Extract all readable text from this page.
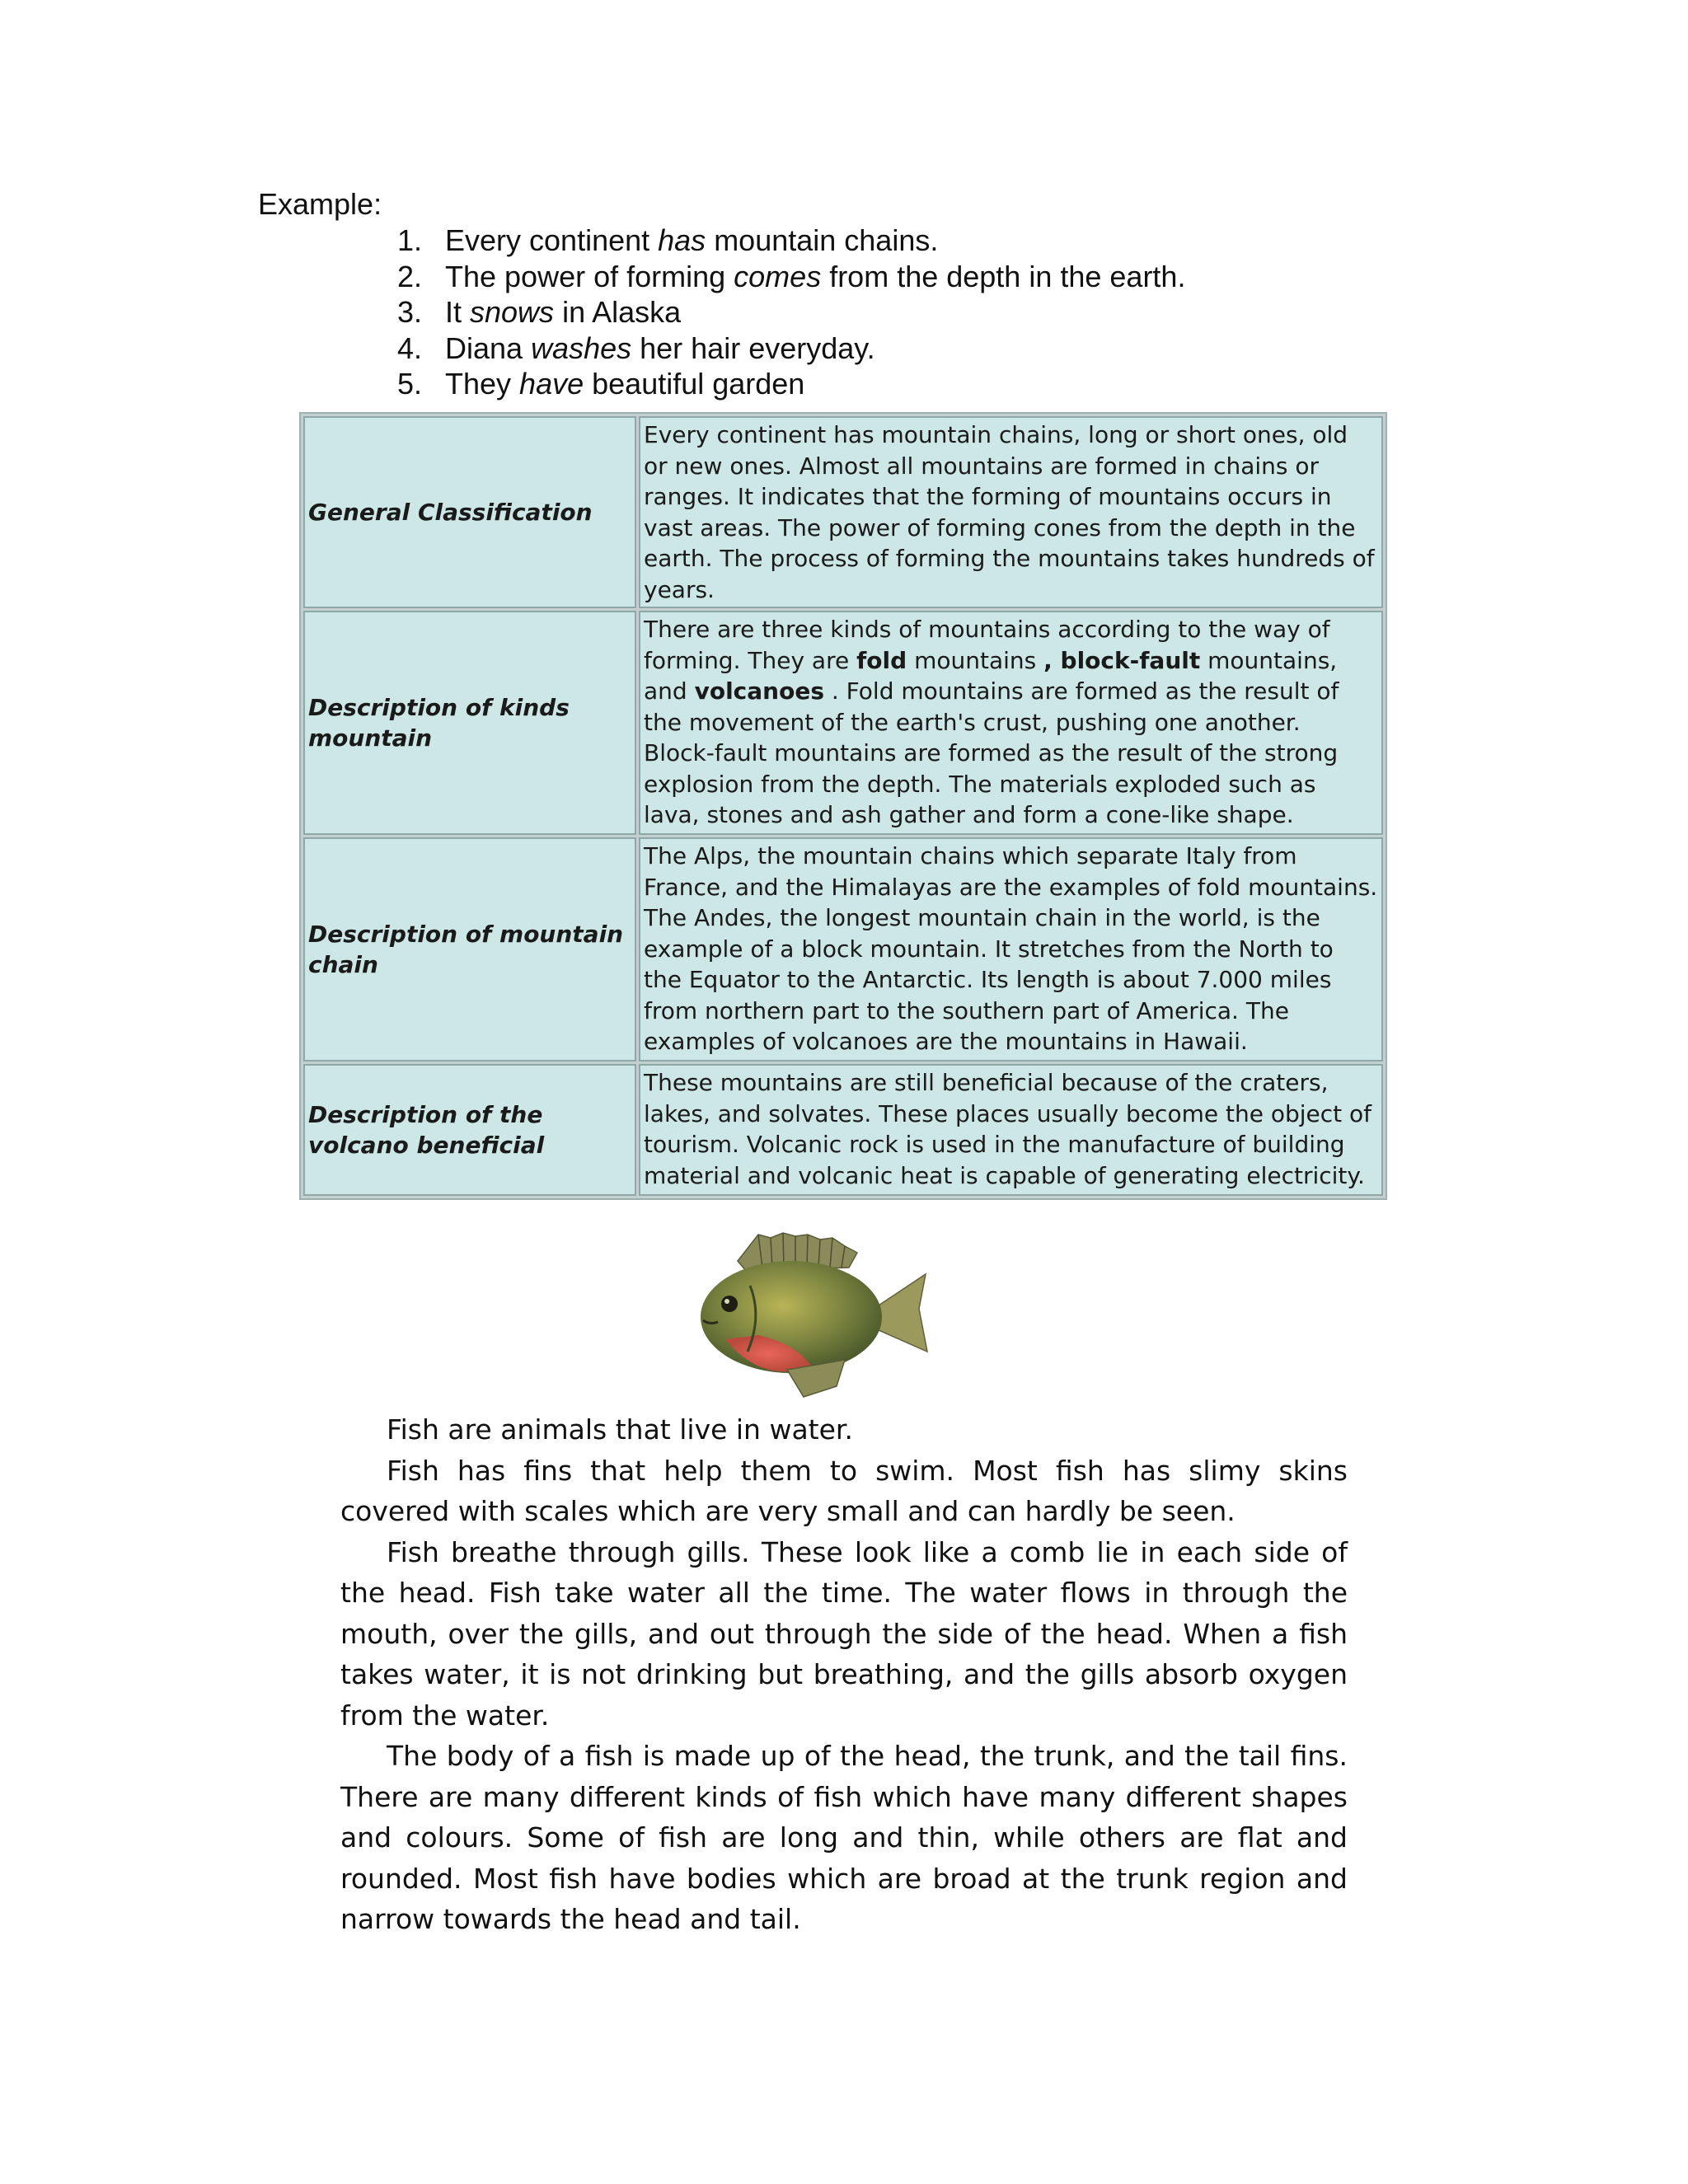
Example:
1. Every continent has mountain chains.
2. The power of forming comes from the depth in the earth.
3. It snows in Alaska
4. Diana washes her hair everyday.
5. They have beautiful garden
General Classification	Every continent has mountain chains, long or short ones, old or new ones. Almost all mountains are formed in chains or ranges. It indicates that the forming of mountains occurs in vast areas. The power of forming cones from the depth in the earth. The process of forming the mountains takes hundreds of years.
Description of kinds mountain	There are three kinds of mountains according to the way of forming. They are fold mountains , block-fault mountains, and volcanoes . Fold mountains are formed as the result of the movement of the earth's crust, pushing one another. Block-fault mountains are formed as the result of the strong explosion from the depth. The materials exploded such as lava, stones and ash gather and form a cone-like shape.
Description of mountain chain	The Alps, the mountain chains which separate Italy from France, and the Himalayas are the examples of fold mountains. The Andes, the longest mountain chain in the world, is the example of a block mountain. It stretches from the North to the Equator to the Antarctic. Its length is about 7.000 miles from northern part to the southern part of America. The examples of volcanoes are the mountains in Hawaii.
Description of the volcano beneficial	These mountains are still beneficial because of the craters, lakes, and solvates. These places usually become the object of tourism. Volcanic rock is used in the manufacture of building material and volcanic heat is capable of generating electricity.

Fish are animals that live in water.

Fish has fins that help them to swim. Most fish has slimy skins covered with scales which are very small and can hardly be seen.

Fish breathe through gills. These look like a comb lie in each side of the head. Fish take water all the time. The water flows in through the mouth, over the gills, and out through the side of the head. When a fish takes water, it is not drinking but breathing, and the gills absorb oxygen from the water.

The body of a fish is made up of the head, the trunk, and the tail fins. There are many different kinds of fish which have many different shapes and colours. Some of fish are long and thin, while others are flat and rounded. Most fish have bodies which are broad at the trunk region and narrow towards the head and tail.
